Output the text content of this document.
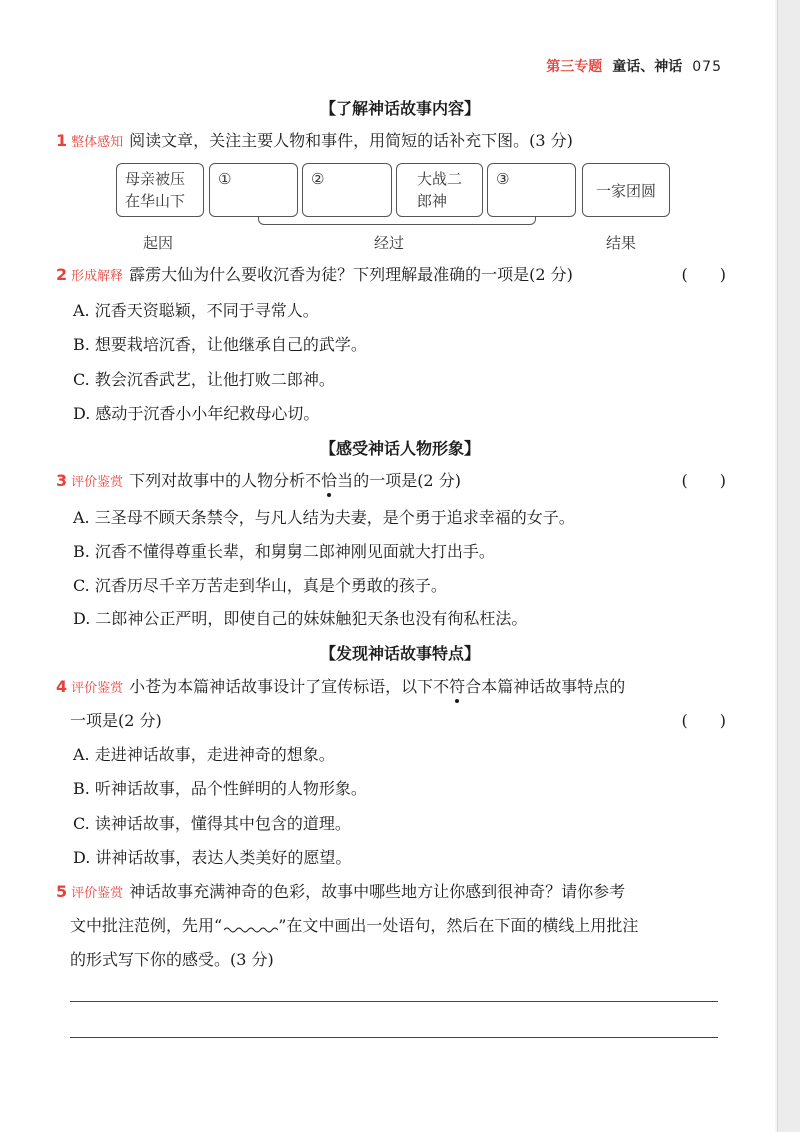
第三专题 童话、神话 075
【了解神话故事内容】
1 整体感知 阅读文章，关注主要人物和事件，用简短的话补充下图。(3 分)
母亲被压
在华山下
①	②	大战二
郎神
③
一家团圆
起因	经过	结果
2 形成解释 霹雳大仙为什么要收沉香为徒？下列理解最准确的一项是(2 分)	(　　)
A. 沉香天资聪颖，不同于寻常人。
B. 想要栽培沉香，让他继承自己的武学。
C. 教会沉香武艺，让他打败二郎神。
D. 感动于沉香小小年纪救母心切。
【感受神话人物形象】
3 评价鉴赏 下列对故事中的人物分析不恰当的一项是(2 分)	(　　)
A. 三圣母不顾天条禁令，与凡人结为夫妻，是个勇于追求幸福的女子。
B. 沉香不懂得尊重长辈，和舅舅二郎神刚见面就大打出手。
C. 沉香历尽千辛万苦走到华山，真是个勇敢的孩子。
D. 二郎神公正严明，即使自己的妹妹触犯天条也没有徇私枉法。
【发现神话故事特点】
4 评价鉴赏 小苍为本篇神话故事设计了宣传标语，以下不符合本篇神话故事特点的
一项是(2 分)	(　　)
A. 走进神话故事，走进神奇的想象。
B. 听神话故事，品个性鲜明的人物形象。
C. 读神话故事，懂得其中包含的道理。
D. 讲神话故事，表达人类美好的愿望。
5 评价鉴赏 神话故事充满神奇的色彩，故事中哪些地方让你感到很神奇？请你参考
文中批注范例，先用“	”在文中画出一处语句，然后在下面的横线上用批注
的形式写下你的感受。(3 分)
